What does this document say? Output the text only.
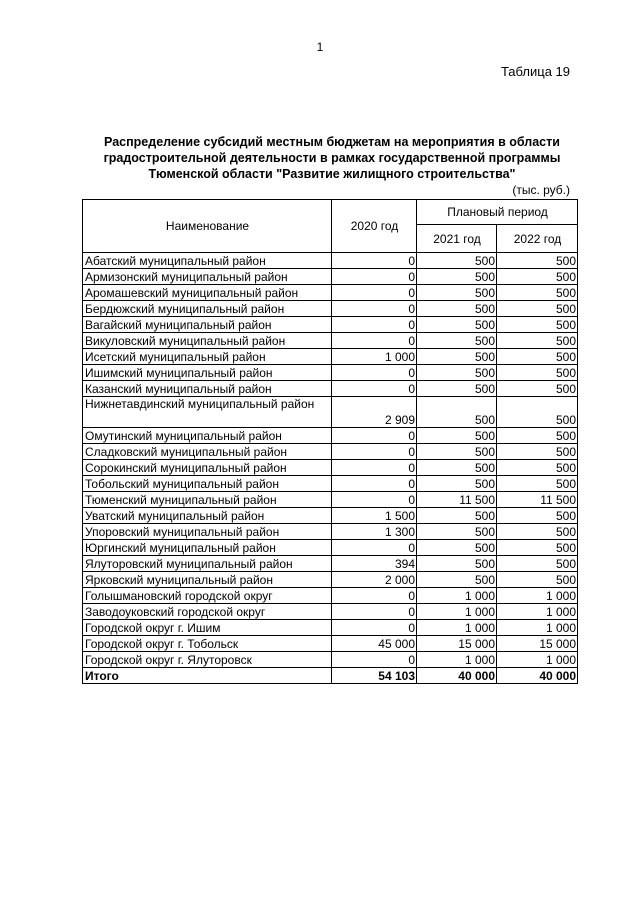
1
Таблица 19
Распределение субсидий местным бюджетам на мероприятия в области
градостроительной деятельности в рамках государственной программы
Тюменской области "Развитие жилищного строительства"
(тыс. руб.)
Наименование	2020 год	Плановый период	
		2021 год	2022 год
Абатский муниципальный район	0	500	500
Армизонский муниципальный район	0	500	500
Аромашевский муниципальный район	0	500	500
Бердюжский муниципальный район	0	500	500
Вагайский муниципальный район	0	500	500
Викуловский муниципальный район	0	500	500
Исетский муниципальный район	1 000	500	500
Ишимский муниципальный район	0	500	500
Казанский муниципальный район	0	500	500
Нижнетавдинский муниципальный район	2 909	500	500
Омутинский муниципальный район	0	500	500
Сладковский муниципальный район	0	500	500
Сорокинский муниципальный район	0	500	500
Тобольский муниципальный район	0	500	500
Тюменский муниципальный район	0	11 500	11 500
Уватский муниципальный район	1 500	500	500
Упоровский муниципальный район	1 300	500	500
Юргинский муниципальный район	0	500	500
Ялуторовский муниципальный район	394	500	500
Ярковский муниципальный район	2 000	500	500
Голышмановский городской округ	0	1 000	1 000
Заводоуковский городской округ	0	1 000	1 000
Городской округ г. Ишим	0	1 000	1 000
Городской округ г. Тобольск	45 000	15 000	15 000
Городской округ г. Ялуторовск	0	1 000	1 000
Итого	54 103	40 000	40 000
